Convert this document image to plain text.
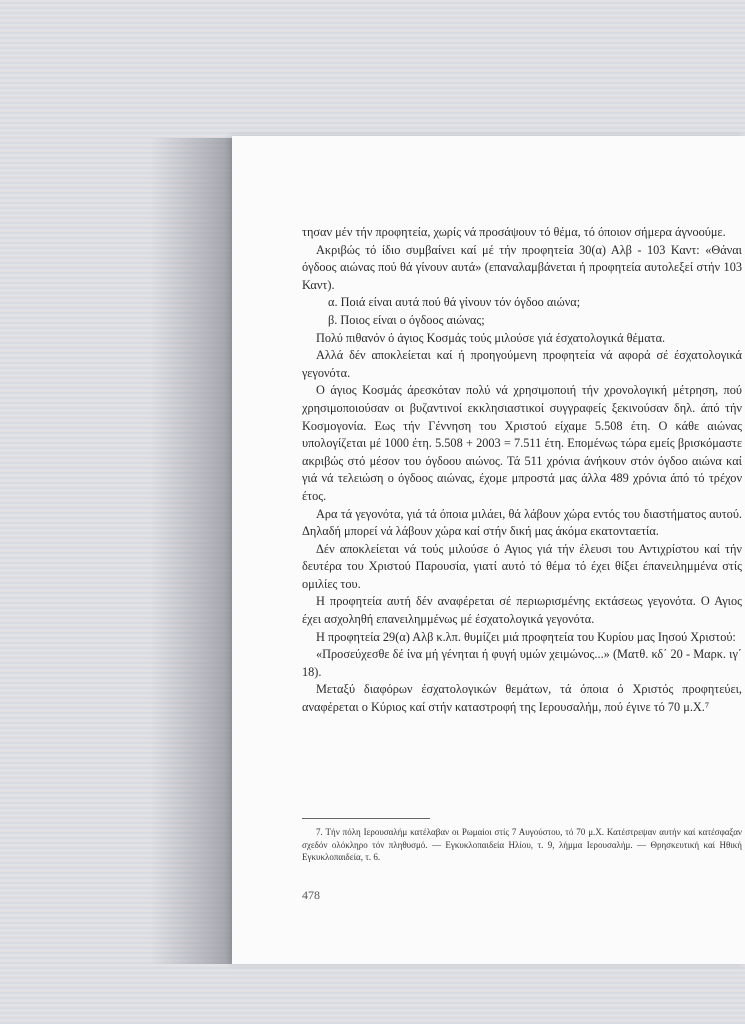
τησαν μέν τήν προφητεία, χωρίς νά προσάψουν τό θέμα, τό όποιον σήμερα άγνοούμε.

Ακριβώς τό ίδιο συμβαίνει καί μέ τήν προφητεία 30(α) Αλβ - 103 Καντ: «Θάναι όγδοος αιώνας πού θά γίνουν αυτά» (επαναλαμβάνεται ή προφητεία αυτολεξεί στήν 103 Καντ).

α. Ποιά είναι αυτά πού θά γίνουν τόν όγδοο αιώνα;

β. Ποιος είναι ο όγδοος αιώνας;

Πολύ πιθανόν ό άγιος Κοσμάς τούς μιλούσε γιά έσχατολογικά θέματα.

Αλλά δέν αποκλείεται καί ή προηγούμενη προφητεία νά αφορά σέ έσχατολογικά γεγονότα.

Ο άγιος Κοσμάς άρεσκόταν πολύ νά χρησιμοποιή τήν χρονολογική μέτρηση, πού χρησιμοποιούσαν οι βυζαντινοί εκκλησιαστικοί συγγραφείς ξεκινούσαν δηλ. άπό τήν Κοσμογονία. Εως τήν Γέννηση του Χριστού είχαμε 5.508 έτη. Ο κάθε αιώνας υπολογίζεται μέ 1000 έτη. 5.508 + 2003 = 7.511 έτη. Επομένως τώρα εμείς βρισκόμαστε ακριβώς στό μέσον του όγδοου αιώνος. Τά 511 χρόνια άνήκουν στόν όγδοο αιώνα καί γιά νά τελειώση ο όγδοος αιώνας, έχομε μπροστά μας άλλα 489 χρόνια άπό τό τρέχον έτος.

Αρα τά γεγονότα, γιά τά όποια μιλάει, θά λάβουν χώρα εντός του διαστήματος αυτού. Δηλαδή μπορεί νά λάβουν χώρα καί στήν δική μας άκόμα εκατονταετία.

Δέν αποκλείεται νά τούς μιλούσε ό Αγιος γιά τήν έλευσι του Αντιχρίστου καί τήν δευτέρα του Χριστού Παρουσία, γιατί αυτό τό θέμα τό έχει θίξει έπανειλημμένα στίς ομιλίες του.

Η προφητεία αυτή δέν αναφέρεται σέ περιωρισμένης εκτάσεως γεγονότα. Ο Αγιος έχει ασχοληθή επανειλημμένως μέ έσχατολογικά γεγονότα.

Η προφητεία 29(α) Αλβ κ.λπ. θυμίζει μιά προφητεία του Κυρίου μας Ιησού Χριστού:

«Προσεύχεσθε δέ ίνα μή γένηται ή φυγή υμών χειμώνος...» (Ματθ. κδ΄ 20 - Μαρκ. ιγ΄ 18).

Μεταξύ διαφόρων έσχατολογικών θεμάτων, τά όποια ό Χριστός προφητεύει, αναφέρεται ο Κύριος καί στήν καταστροφή της Ιερουσαλήμ, πού έγινε τό 70 μ.Χ.⁷

7. Τήν πόλη Ιερουσαλήμ κατέλαβαν οι Ρωμαίοι στίς 7 Αυγούστου, τό 70 μ.Χ. Κατέστρεψαν αυτήν καί κατέσφαξαν σχεδόν ολόκληρο τόν πληθυσμό. — Εγκυκλοπαιδεία Ηλίου, τ. 9, λήμμα Ιερουσαλήμ. — Θρησκευτική καί Ηθική Εγκυκλοπαιδεία, τ. 6.

478
